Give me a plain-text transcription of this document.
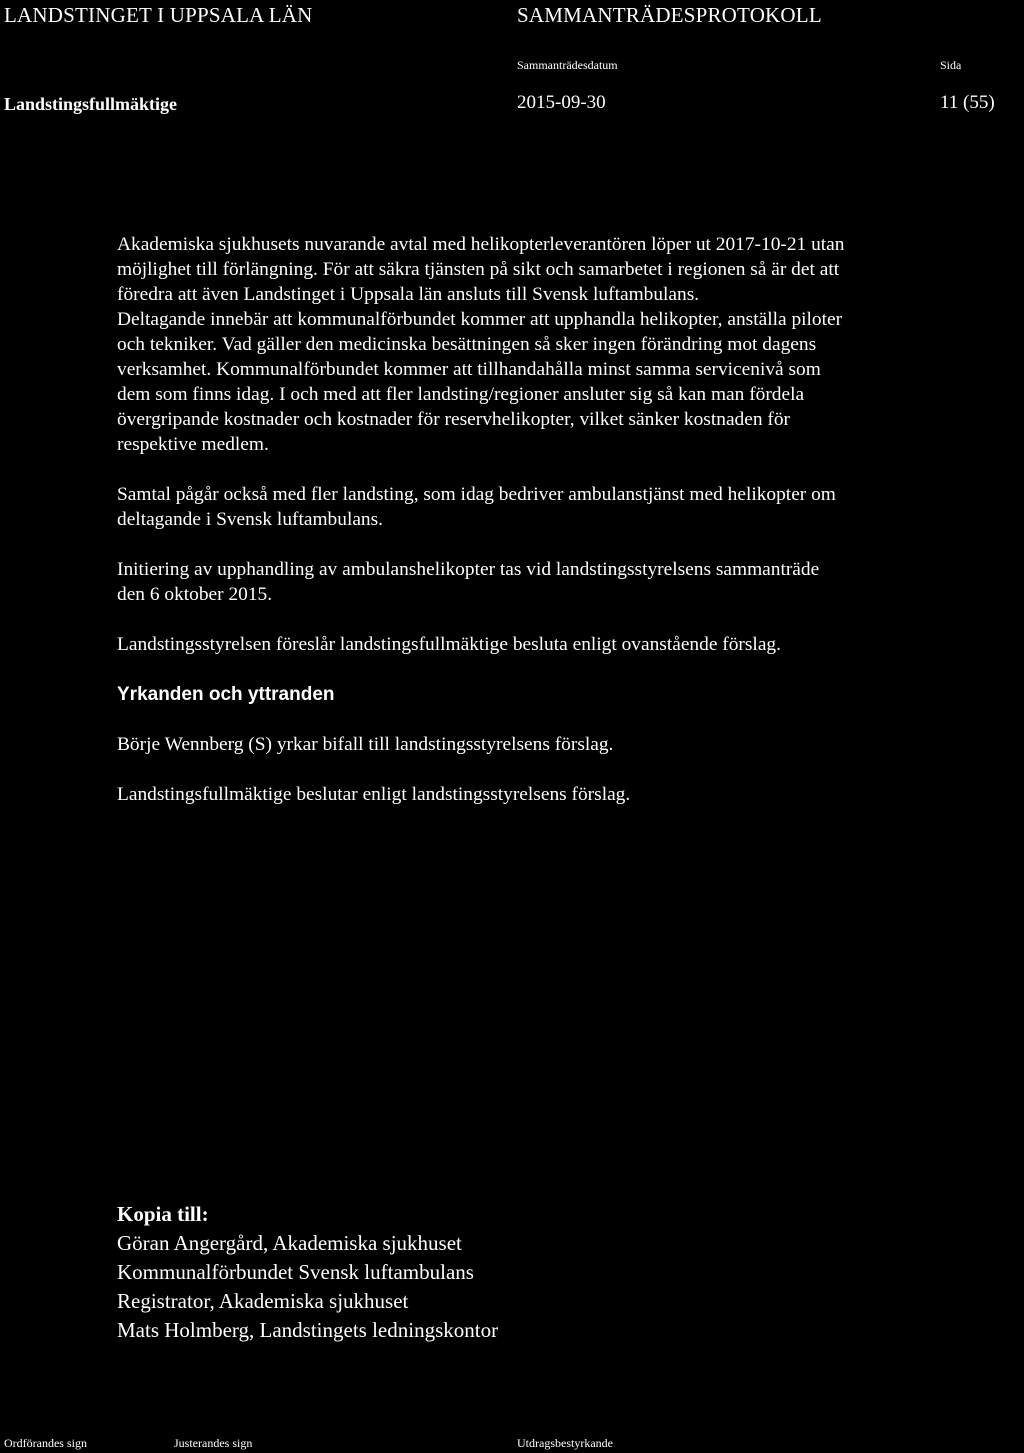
LANDSTINGET I UPPSALA LÄN	SAMMANTRÄDESPROTOKOLL
Sammanträdesdatum	Sida
Landstingsfullmäktige	2015-09-30	11 (55)

Akademiska sjukhusets nuvarande avtal med helikopterleverantören löper ut 2017-10-21 utan

möjlighet till förlängning. För att säkra tjänsten på sikt och samarbetet i regionen så är det att

föredra att även Landstinget i Uppsala län ansluts till Svensk luftambulans.

Deltagande innebär att kommunalförbundet kommer att upphandla helikopter, anställa piloter

och tekniker. Vad gäller den medicinska besättningen så sker ingen förändring mot dagens

verksamhet. Kommunalförbundet kommer att tillhandahålla minst samma servicenivå som

dem som finns idag. I och med att fler landsting/regioner ansluter sig så kan man fördela

övergripande kostnader och kostnader för reservhelikopter, vilket sänker kostnaden för

respektive medlem.

Samtal pågår också med fler landsting, som idag bedriver ambulanstjänst med helikopter om

deltagande i Svensk luftambulans.

Initiering av upphandling av ambulanshelikopter tas vid landstingsstyrelsens sammanträde

den 6 oktober 2015.

Landstingsstyrelsen föreslår landstingsfullmäktige besluta enligt ovanstående förslag.

Yrkanden och yttranden

Börje Wennberg (S) yrkar bifall till landstingsstyrelsens förslag.

Landstingsfullmäktige beslutar enligt landstingsstyrelsens förslag.

Kopia till:

Göran Angergård, Akademiska sjukhuset

Kommunalförbundet Svensk luftambulans

Registrator, Akademiska sjukhuset

Mats Holmberg, Landstingets ledningskontor

Ordförandes sign	Justerandes sign	Utdragsbestyrkande
